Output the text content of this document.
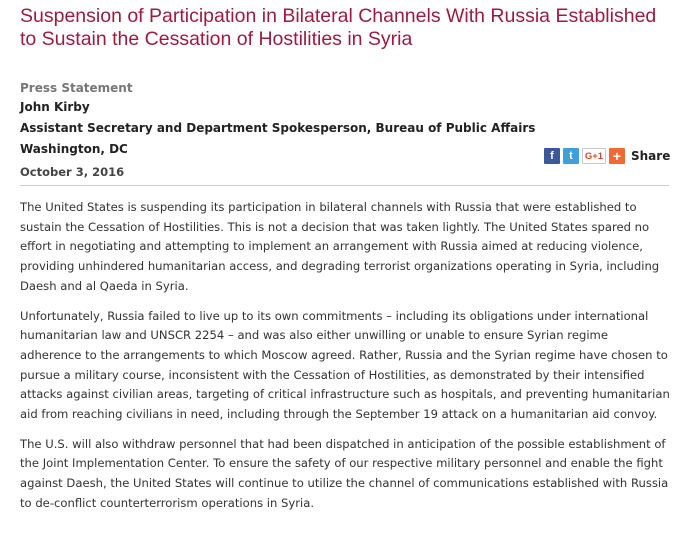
Suspension of Participation in Bilateral Channels With Russia Established to Sustain the Cessation of Hostilities in Syria
Press Statement
John Kirby
Assistant Secretary and Department Spokesperson, Bureau of Public Affairs
Washington, DC
October 3, 2016
f	t	G+1 + Share

The United States is suspending its participation in bilateral channels with Russia that were established to sustain the Cessation of Hostilities. This is not a decision that was taken lightly. The United States spared no effort in negotiating and attempting to implement an arrangement with Russia aimed at reducing violence, providing unhindered humanitarian access, and degrading terrorist organizations operating in Syria, including Daesh and al Qaeda in Syria.

Unfortunately, Russia failed to live up to its own commitments – including its obligations under international humanitarian law and UNSCR 2254 – and was also either unwilling or unable to ensure Syrian regime adherence to the arrangements to which Moscow agreed. Rather, Russia and the Syrian regime have chosen to pursue a military course, inconsistent with the Cessation of Hostilities, as demonstrated by their intensified attacks against civilian areas, targeting of critical infrastructure such as hospitals, and preventing humanitarian aid from reaching civilians in need, including through the September 19 attack on a humanitarian aid convoy.

The U.S. will also withdraw personnel that had been dispatched in anticipation of the possible establishment of the Joint Implementation Center. To ensure the safety of our respective military personnel and enable the fight against Daesh, the United States will continue to utilize the channel of communications established with Russia to de-conflict counterterrorism operations in Syria.
